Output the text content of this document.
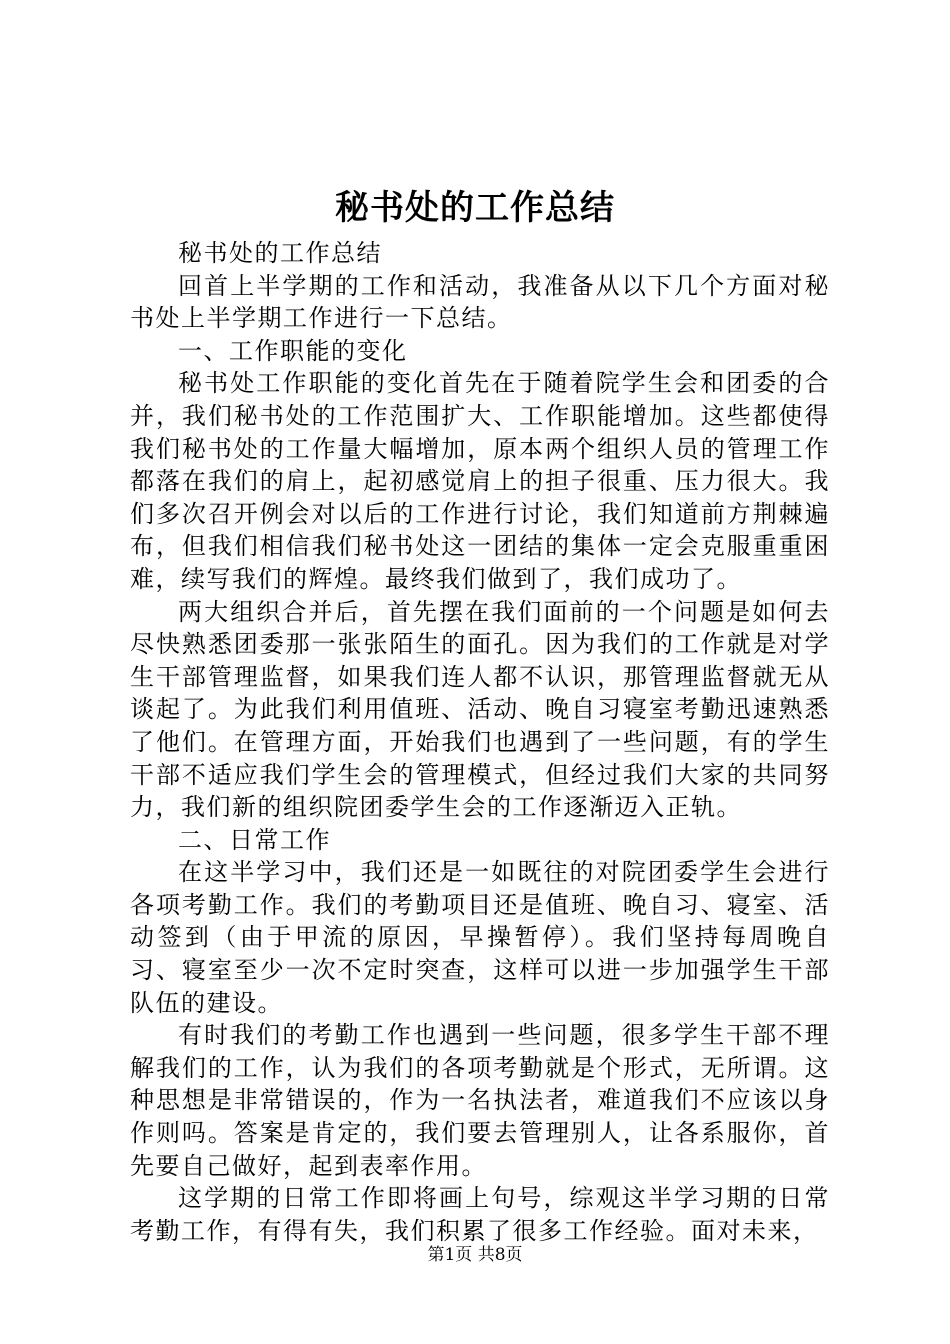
秘书处的工作总结

秘书处的工作总结

回首上半学期的工作和活动，我准备从以下几个方面对秘书处上半学期工作进行一下总结。

一、工作职能的变化

秘书处工作职能的变化首先在于随着院学生会和团委的合并，我们秘书处的工作范围扩大、工作职能增加。这些都使得我们秘书处的工作量大幅增加，原本两个组织人员的管理工作都落在我们的肩上，起初感觉肩上的担子很重、压力很大。我们多次召开例会对以后的工作进行讨论，我们知道前方荆棘遍布，但我们相信我们秘书处这一团结的集体一定会克服重重困难，续写我们的辉煌。最终我们做到了，我们成功了。

两大组织合并后，首先摆在我们面前的一个问题是如何去尽快熟悉团委那一张张陌生的面孔。因为我们的工作就是对学生干部管理监督，如果我们连人都不认识，那管理监督就无从谈起了。为此我们利用值班、活动、晚自习寝室考勤迅速熟悉了他们。在管理方面，开始我们也遇到了一些问题，有的学生干部不适应我们学生会的管理模式，但经过我们大家的共同努力，我们新的组织院团委学生会的工作逐渐迈入正轨。

二、日常工作

在这半学习中，我们还是一如既往的对院团委学生会进行各项考勤工作。我们的考勤项目还是值班、晚自习、寝室、活动签到（由于甲流的原因，早操暂停）。我们坚持每周晚自习、寝室至少一次不定时突查，这样可以进一步加强学生干部队伍的建设。

有时我们的考勤工作也遇到一些问题，很多学生干部不理解我们的工作，认为我们的各项考勤就是个形式，无所谓。这种思想是非常错误的，作为一名执法者，难道我们不应该以身作则吗。答案是肯定的，我们要去管理别人，让各系服你，首先要自己做好，起到表率作用。

这学期的日常工作即将画上句号，综观这半学习期的日常考勤工作，有得有失，我们积累了很多工作经验。面对未来，

第1页 共8页
